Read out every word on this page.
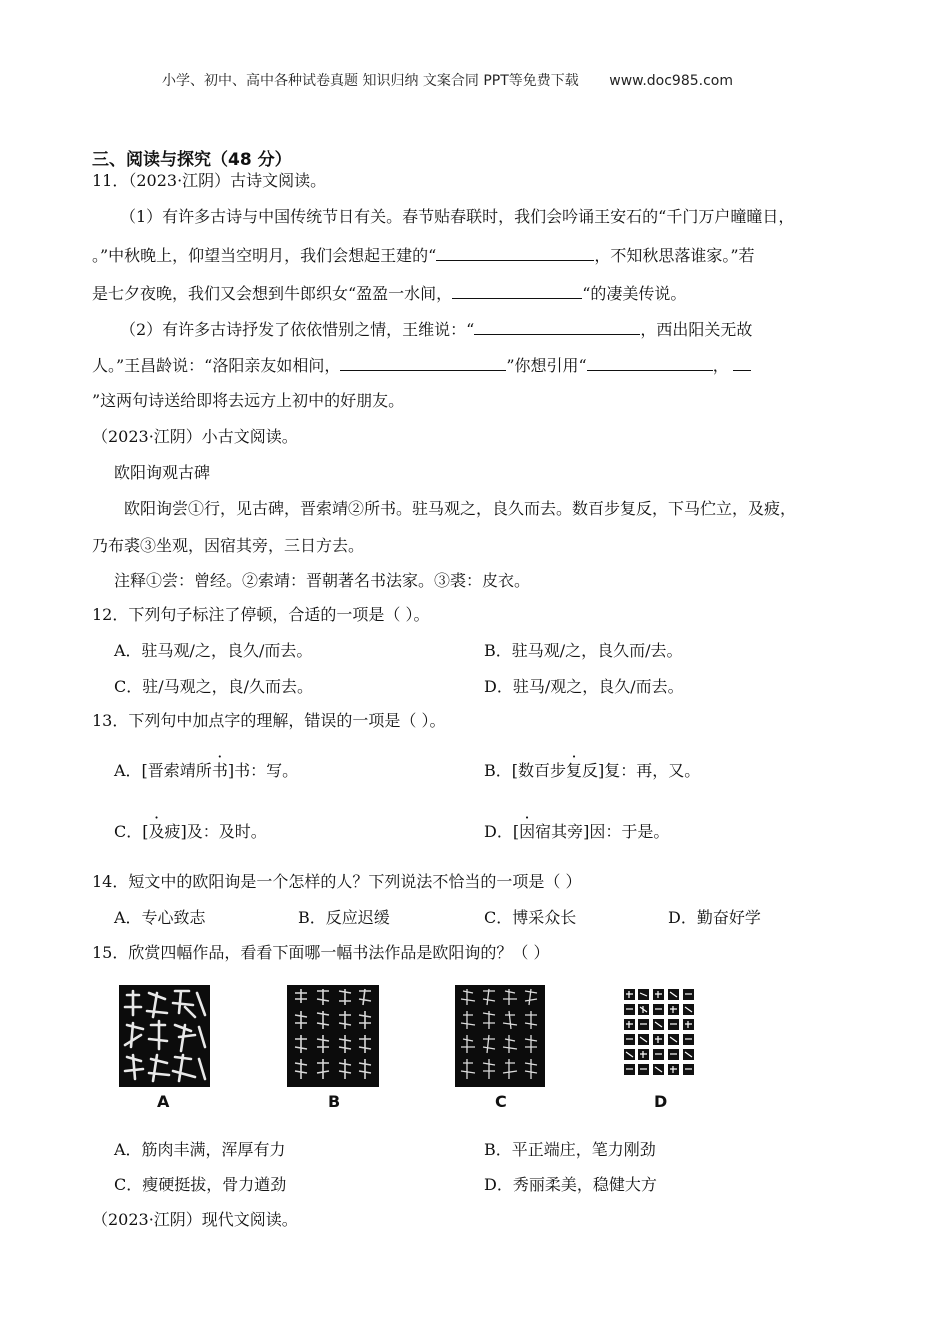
小学、初中、高中各种试卷真题 知识归纳 文案合同 PPT等免费下载 www.doc985.com
三、阅读与探究（48 分）
11．（2023·江阴）古诗文阅读。
（1）有许多古诗与中国传统节日有关。春节贴春联时，我们会吟诵王安石的“千门万户曈曈日，
。”中秋晚上，仰望当空明月，我们会想起王建的“	，不知秋思落谁家。”若
是七夕夜晚，我们又会想到牛郎织女“盈盈一水间，	“的凄美传说。
（2）有许多古诗抒发了依依惜别之情，王维说：“	，西出阳关无故
人。”王昌龄说：“洛阳亲友如相问，	”你想引用“	，
”这两句诗送给即将去远方上初中的好朋友。
（2023·江阴）小古文阅读。
欧阳询观古碑
欧阳询尝①行，见古碑，晋索靖②所书。驻马观之，良久而去。数百步复反，下马伫立，及疲，
乃布裘③坐观，因宿其旁，三日方去。
注释①尝：曾经。②索靖：晋朝著名书法家。③裘：皮衣。
12．下列句子标注了停顿，合适的一项是（ ）。
A．驻马观/之，良久/而去。	B．驻马观/之，良久而/去。
C．驻/马观之，良/久而去。	D．驻马/观之，良久/而去。
13．下列句中加点字的理解，错误的一项是（ ）。
A．[晋索靖所书]书：写。	B．[数百步复反]复：再，又。
C．[及疲]及：及时。	D．[因宿其旁]因：于是。
14．短文中的欧阳询是一个怎样的人？下列说法不恰当的一项是（ ）
A．专心致志	B．反应迟缓	C．博采众长	D．勤奋好学
15．欣赏四幅作品，看看下面哪一幅书法作品是欧阳询的？（ ）
A	B	C	D
A．筋肉丰满，浑厚有力	B．平正端庄，笔力刚劲
C．瘦硬挺拔，骨力遒劲	D．秀丽柔美，稳健大方
（2023·江阴）现代文阅读。
